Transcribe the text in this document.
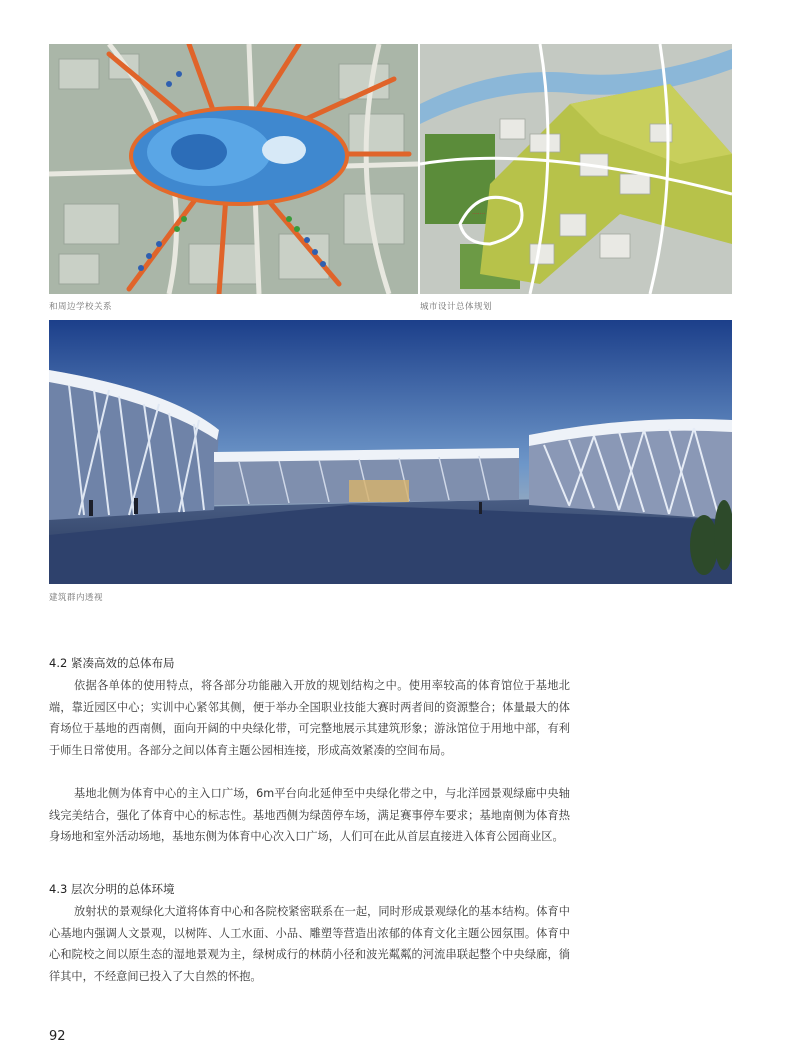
和周边学校关系
·······
城市设计总体规划
建筑群内透视
4.2 紧凑高效的总体布局
依据各单体的使用特点，将各部分功能融入开放的规划结构之中。使用率较高的体育馆位于基地北端，靠近园区中心；实训中心紧邻其侧，便于举办全国职业技能大赛时两者间的资源整合；体量最大的体育场位于基地的西南侧，面向开阔的中央绿化带，可完整地展示其建筑形象；游泳馆位于用地中部，有利于师生日常使用。各部分之间以体育主题公园相连接，形成高效紧凑的空间布局。
基地北侧为体育中心的主入口广场，6m平台向北延伸至中央绿化带之中，与北洋园景观绿廊中央轴线完美结合，强化了体育中心的标志性。基地西侧为绿茵停车场，满足赛事停车要求；基地南侧为体育热身场地和室外活动场地，基地东侧为体育中心次入口广场，人们可在此从首层直接进入体育公园商业区。
4.3 层次分明的总体环境
放射状的景观绿化大道将体育中心和各院校紧密联系在一起，同时形成景观绿化的基本结构。体育中心基地内强调人文景观，以树阵、人工水面、小品、雕塑等营造出浓郁的体育文化主题公园氛围。体育中心和院校之间以原生态的湿地景观为主，绿树成行的林荫小径和波光粼粼的河流串联起整个中央绿廊，徜徉其中，不经意间已投入了大自然的怀抱。
92
